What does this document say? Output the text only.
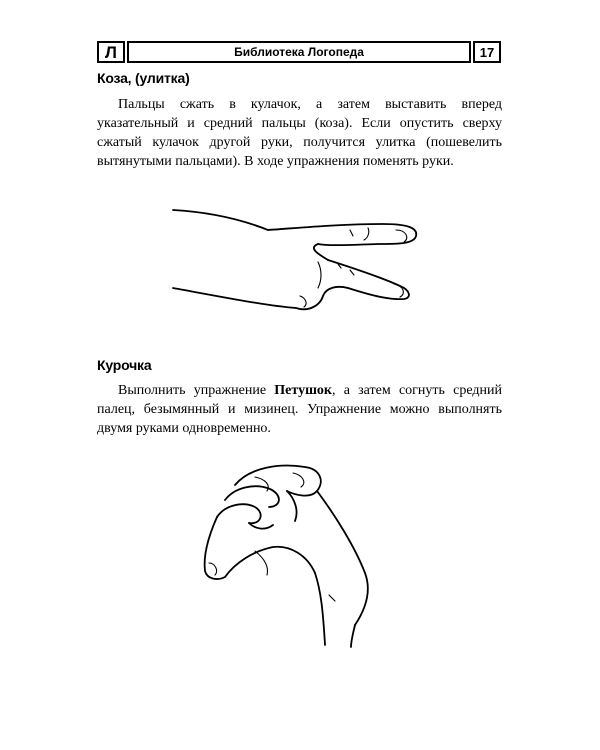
Л	Библиотека Логопеда	17
Коза, (улитка)

Пальцы сжать в кулачок, а затем выставить вперед указательный и средний пальцы (коза). Если опустить сверху сжатый кулачок другой руки, получится улитка (пошевелить вытянутыми пальцами). В ходе упражнения поменять руки.

Курочка

Выполнить упражнение Петушок, а затем согнуть средний палец, безымянный и мизинец. Упражнение можно выполнять двумя руками одновременно.
